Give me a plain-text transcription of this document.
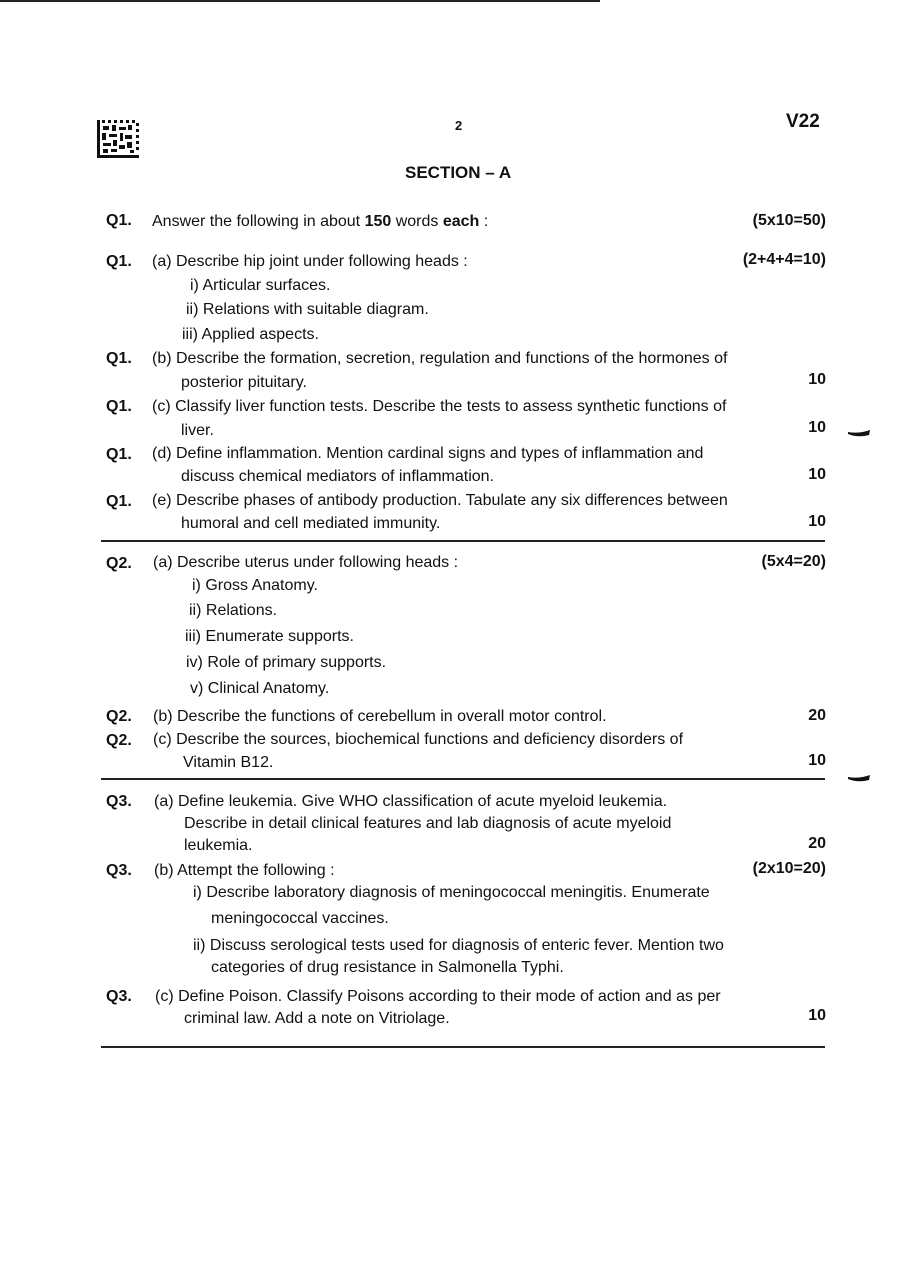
2	V22
SECTION – A
Q1. Answer the following in about 150 words each :	(5x10=50)
Q1. (a) Describe hip joint under following heads :	(2+4+4=10)
i) Articular surfaces.
ii) Relations with suitable diagram.
iii) Applied aspects.
Q1. (b) Describe the formation, secretion, regulation and functions of the hormones of
posterior pituitary.	10
Q1. (c) Classify liver function tests. Describe the tests to assess synthetic functions of
liver.	10
Q1. (d) Define inflammation. Mention cardinal signs and types of inflammation and
discuss chemical mediators of inflammation.	10
Q1. (e) Describe phases of antibody production. Tabulate any six differences between
humoral and cell mediated immunity.	10
Q2. (a) Describe uterus under following heads :	(5x4=20)
i) Gross Anatomy.
ii) Relations.
iii) Enumerate supports.
iv) Role of primary supports.
v) Clinical Anatomy.
Q2. (b) Describe the functions of cerebellum in overall motor control.	20
Q2. (c) Describe the sources, biochemical functions and deficiency disorders of
Vitamin B12.	10
Q3. (a) Define leukemia. Give WHO classification of acute myeloid leukemia.
Describe in detail clinical features and lab diagnosis of acute myeloid
leukemia.	20
Q3. (b) Attempt the following :	(2x10=20)
i) Describe laboratory diagnosis of meningococcal meningitis. Enumerate
meningococcal vaccines.
ii) Discuss serological tests used for diagnosis of enteric fever. Mention two
categories of drug resistance in Salmonella Typhi.
Q3. (c) Define Poison. Classify Poisons according to their mode of action and as per
criminal law. Add a note on Vitriolage.	10
